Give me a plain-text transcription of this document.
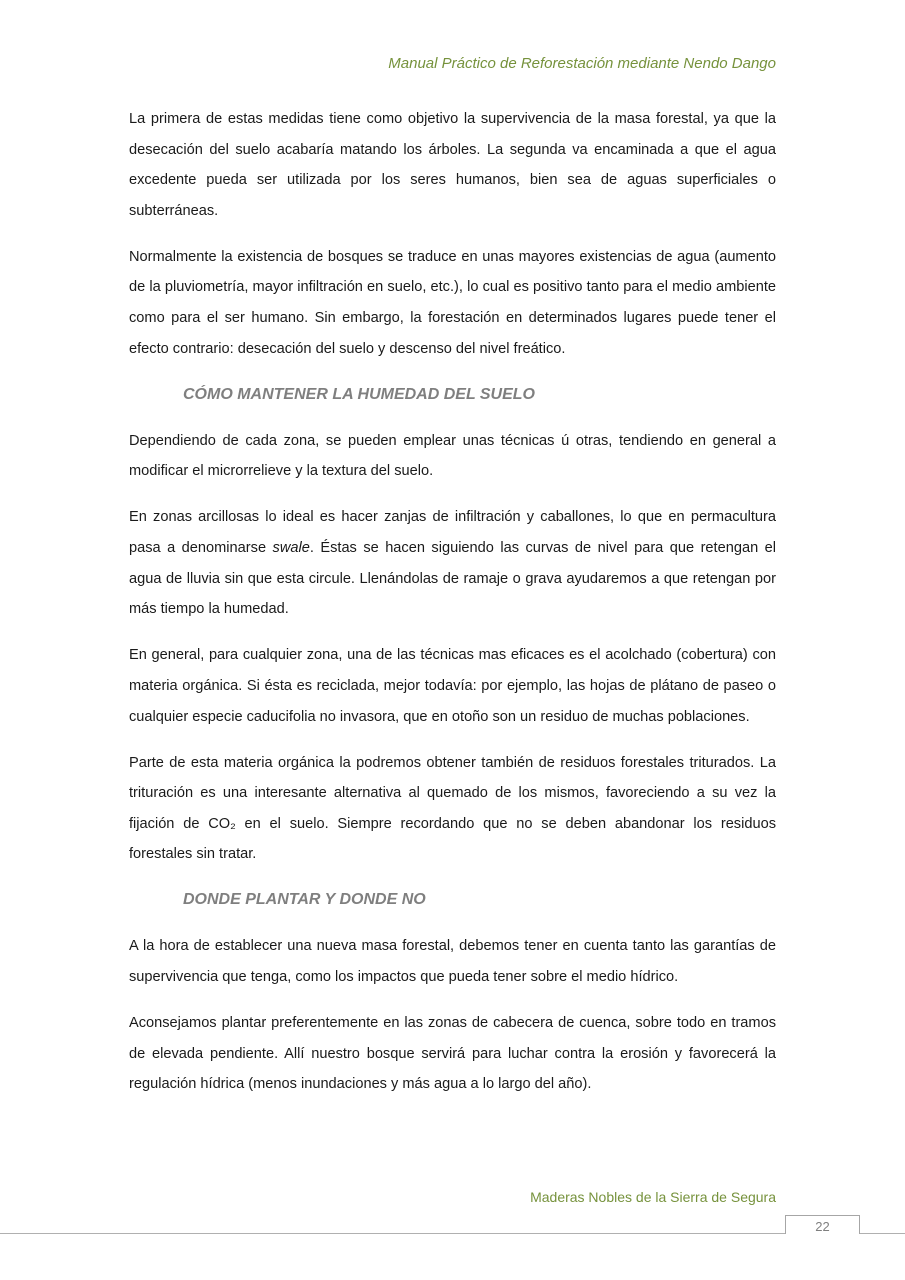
Manual Práctico de Reforestación mediante Nendo Dango

La primera de estas medidas tiene como objetivo la supervivencia de la masa forestal, ya que la desecación del suelo acabaría matando los árboles. La segunda va encaminada a que el agua excedente pueda ser utilizada por los seres humanos, bien sea de aguas superficiales o subterráneas.

Normalmente la existencia de bosques se traduce en unas mayores existencias de agua (aumento de la pluviometría, mayor infiltración en suelo, etc.), lo cual es positivo tanto para el medio ambiente como para el ser humano. Sin embargo, la forestación en determinados lugares puede tener el efecto contrario: desecación del suelo y descenso del nivel freático.

CÓMO MANTENER LA HUMEDAD DEL SUELO

Dependiendo de cada zona, se pueden emplear unas técnicas ú otras, tendiendo en general a modificar el microrrelieve y la textura del suelo.

En zonas arcillosas lo ideal es hacer zanjas de infiltración y caballones, lo que en permacultura pasa a denominarse swale. Éstas se hacen siguiendo las curvas de nivel para que retengan el agua de lluvia sin que esta circule. Llenándolas de ramaje o grava ayudaremos a que retengan por más tiempo la humedad.

En general, para cualquier zona, una de las técnicas mas eficaces es el acolchado (cobertura) con materia orgánica. Si ésta es reciclada, mejor todavía: por ejemplo, las hojas de plátano de paseo o cualquier especie caducifolia no invasora, que en otoño son un residuo de muchas poblaciones.

Parte de esta materia orgánica la podremos obtener también de residuos forestales triturados. La trituración es una interesante alternativa al quemado de los mismos, favoreciendo a su vez la fijación de CO₂ en el suelo. Siempre recordando que no se deben abandonar los residuos forestales sin tratar.

DONDE PLANTAR Y DONDE NO

A la hora de establecer una nueva masa forestal, debemos tener en cuenta tanto las garantías de supervivencia que tenga, como los impactos que pueda tener sobre el medio hídrico.

Aconsejamos plantar preferentemente en las zonas de cabecera de cuenca, sobre todo en tramos de elevada pendiente. Allí nuestro bosque servirá para luchar contra la erosión y favorecerá la regulación hídrica (menos inundaciones y más agua a lo largo del año).

Maderas Nobles de la Sierra de Segura
22
